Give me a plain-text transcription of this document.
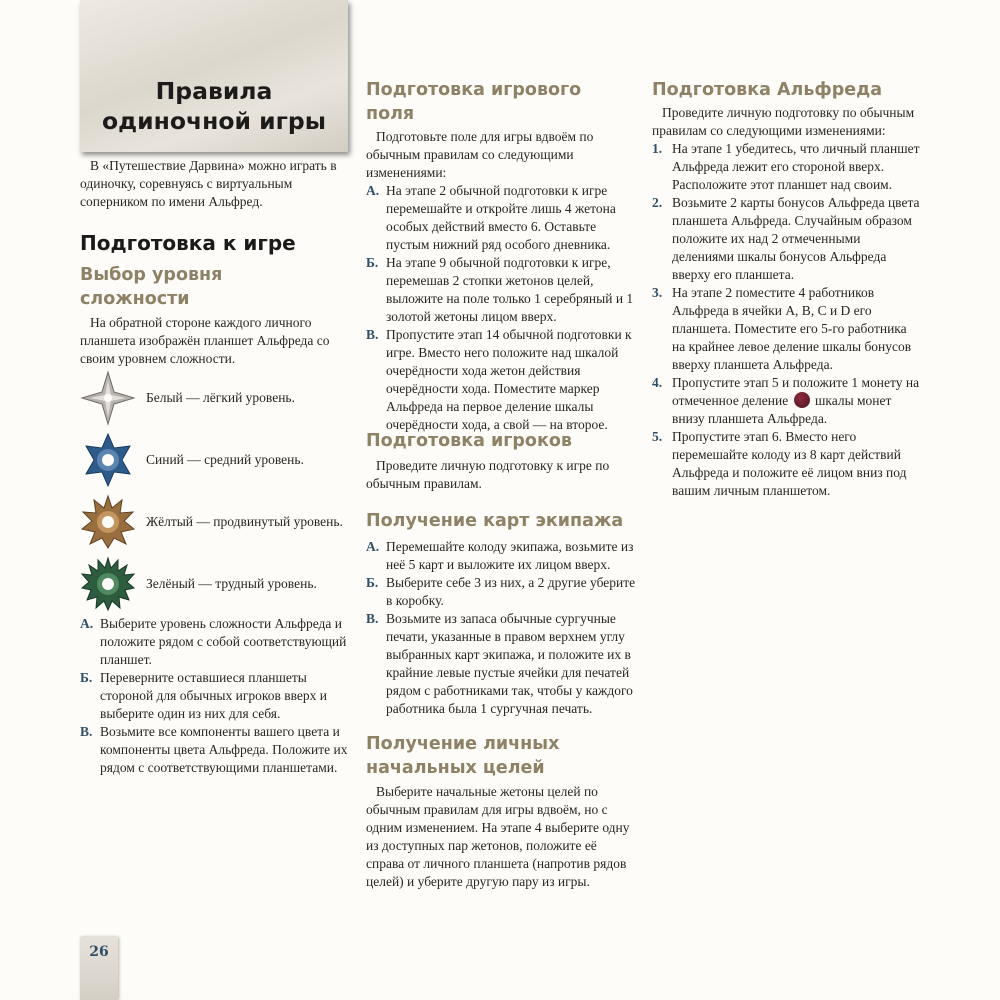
Правила одиночной игры

В «Путешествие Дарвина» можно играть в одиночку, соревнуясь с виртуальным соперником по имени Альфред.

Подготовка к игре
Выбор уровня сложности

На обратной стороне каждого личного планшета изображён планшет Альфреда со своим уровнем сложности.

А. Выберите уровень сложности Альфреда и положите рядом с собой соответствующий планшет.
Б. Переверните оставшиеся планшеты стороной для обычных игроков вверх и выберите один из них для себя.
В. Возьмите все компоненты вашего цвета и компоненты цвета Альфреда. Положите их рядом с соответствующими планшетами.
Белый — лёгкий уровень.
Синий — средний уровень.
Жёлтый — продвинутый уровень.
Зелёный — трудный уровень.
Подготовка игрового поля

Подготовьте поле для игры вдвоём по обычным правилам со следующими изменениями:

А. На этапе 2 обычной подготовки к игре перемешайте и откройте лишь 4 жетона особых действий вместо 6. Оставьте пустым нижний ряд особого дневника.
Б. На этапе 9 обычной подготовки к игре, перемешав 2 стопки жетонов целей, выложите на поле только 1 серебряный и 1 золотой жетоны лицом вверх.
В. Пропустите этап 14 обычной подготовки к игре. Вместо него положите над шкалой очерёдности хода жетон действия очерёдности хода. Поместите маркер Альфреда на первое деление шкалы очерёдности хода, а свой — на второе.
Подготовка игроков

Проведите личную подготовку к игре по обычным правилам.

Получение карт экипажа
А. Перемешайте колоду экипажа, возьмите из неё 5 карт и выложите их лицом вверх.
Б. Выберите себе 3 из них, а 2 другие уберите в коробку.
В. Возьмите из запаса обычные сургучные печати, указанные в правом верхнем углу выбранных карт экипажа, и положите их в крайние левые пустые ячейки для печатей рядом с работниками так, чтобы у каждого работника была 1 сургучная печать.
Получение личных начальных целей

Выберите начальные жетоны целей по обычным правилам для игры вдвоём, но с одним изменением. На этапе 4 выберите одну из доступных пар жетонов, положите её справа от личного планшета (напротив рядов целей) и уберите другую пару из игры.

Подготовка Альфреда

Проведите личную подготовку по обычным правилам со следующими изменениями:

1. На этапе 1 убедитесь, что личный планшет Альфреда лежит его стороной вверх. Расположите этот планшет над своим.
2. Возьмите 2 карты бонусов Альфреда цвета планшета Альфреда. Случайным образом положите их над 2 отмеченными делениями шкалы бонусов Альфреда вверху его планшета.
3. На этапе 2 поместите 4 работников Альфреда в ячейки A, B, C и D его планшета. Поместите его 5-го работника на крайнее левое деление шкалы бонусов вверху планшета Альфреда.
4. Пропустите этап 5 и положите 1 монету на отмеченное деление шкалы монет внизу планшета Альфреда.
5. Пропустите этап 6. Вместо него перемешайте колоду из 8 карт действий Альфреда и положите её лицом вниз под вашим личным планшетом.
26
